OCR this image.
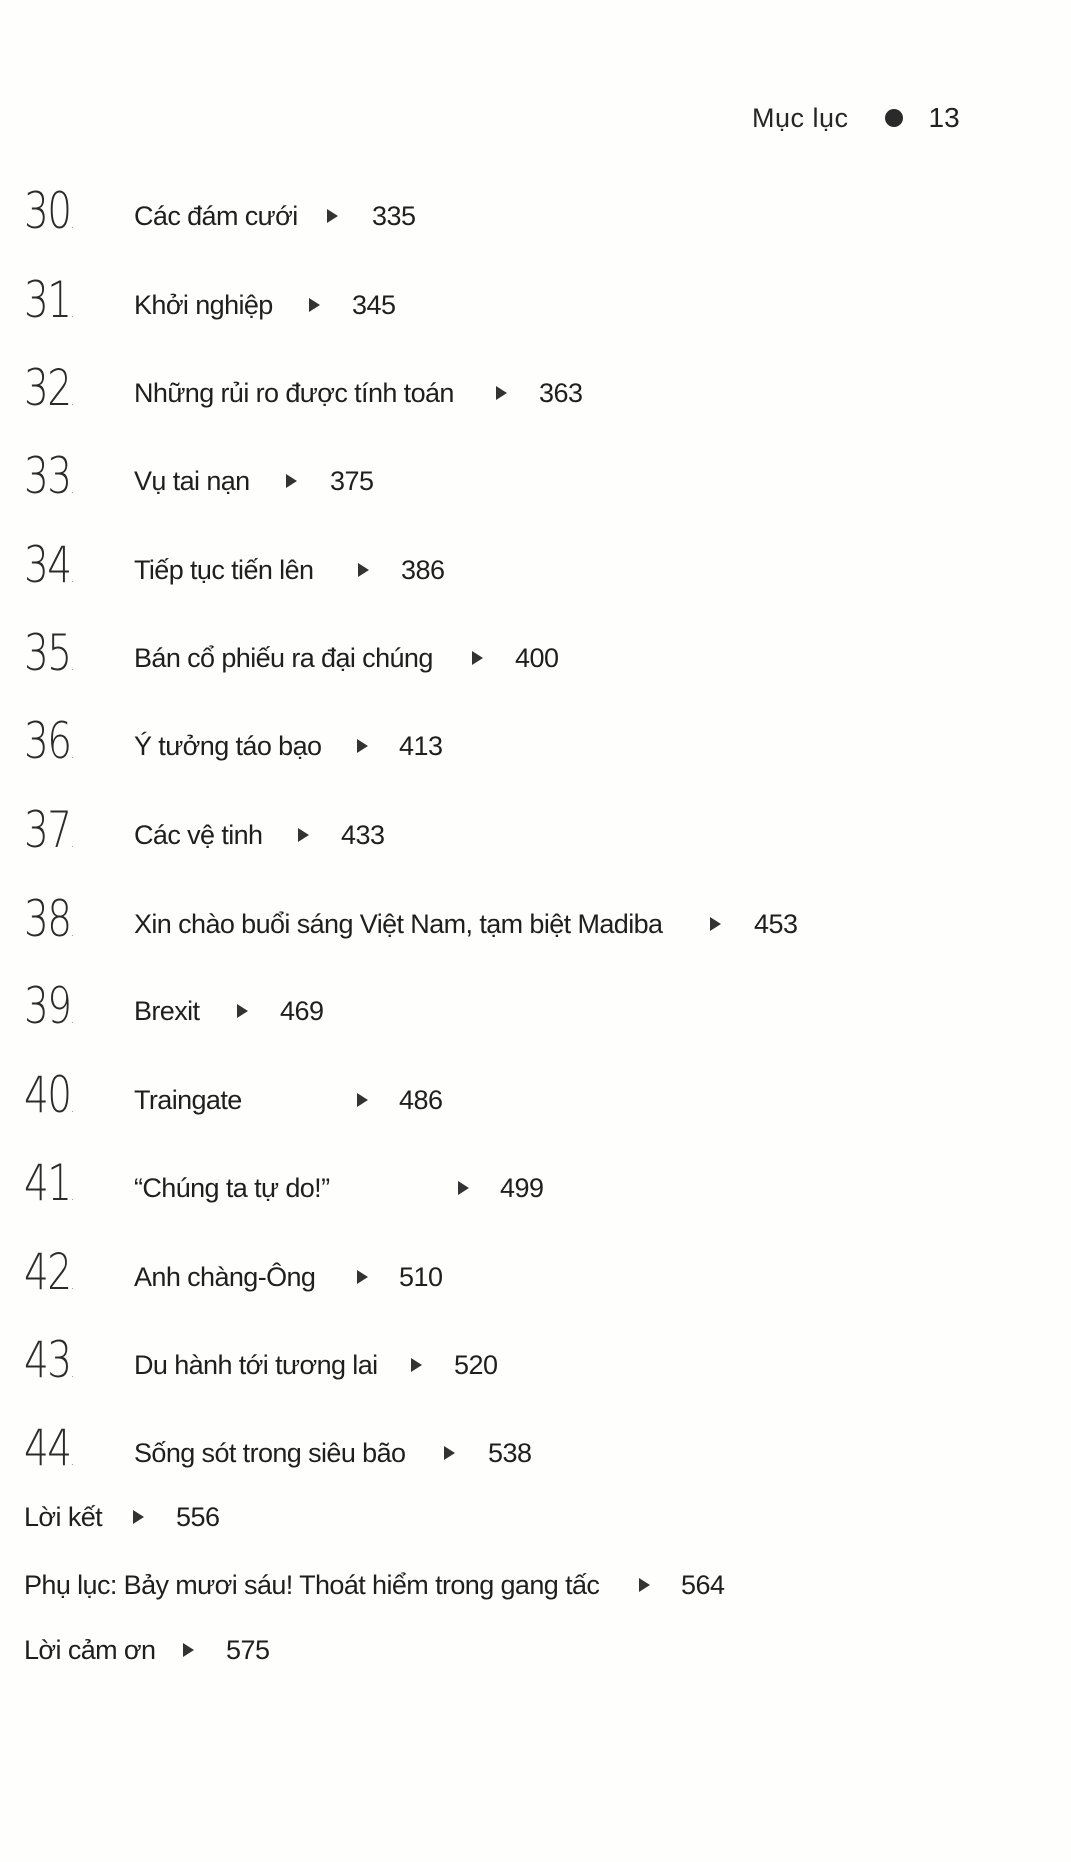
Mục lục	13
30. Các đám cưới	335
31. Khởi nghiệp	345
32. Những rủi ro được tính toán	363
33. Vụ tai nạn	375
34. Tiếp tục tiến lên	386
35. Bán cổ phiếu ra đại chúng	400
36. Ý tưởng táo bạo	413
37. Các vệ tinh	433
38. Xin chào buổi sáng Việt Nam, tạm biệt Madiba	453
39. Brexit	469
40. Traingate	486
41. “Chúng ta tự do!”	499
42. Anh chàng-Ông	510
43. Du hành tới tương lai	520
44. Sống sót trong siêu bão	538
Lời kết	556
Phụ lục: Bảy mươi sáu! Thoát hiểm trong gang tấc	564
Lời cảm ơn	575
